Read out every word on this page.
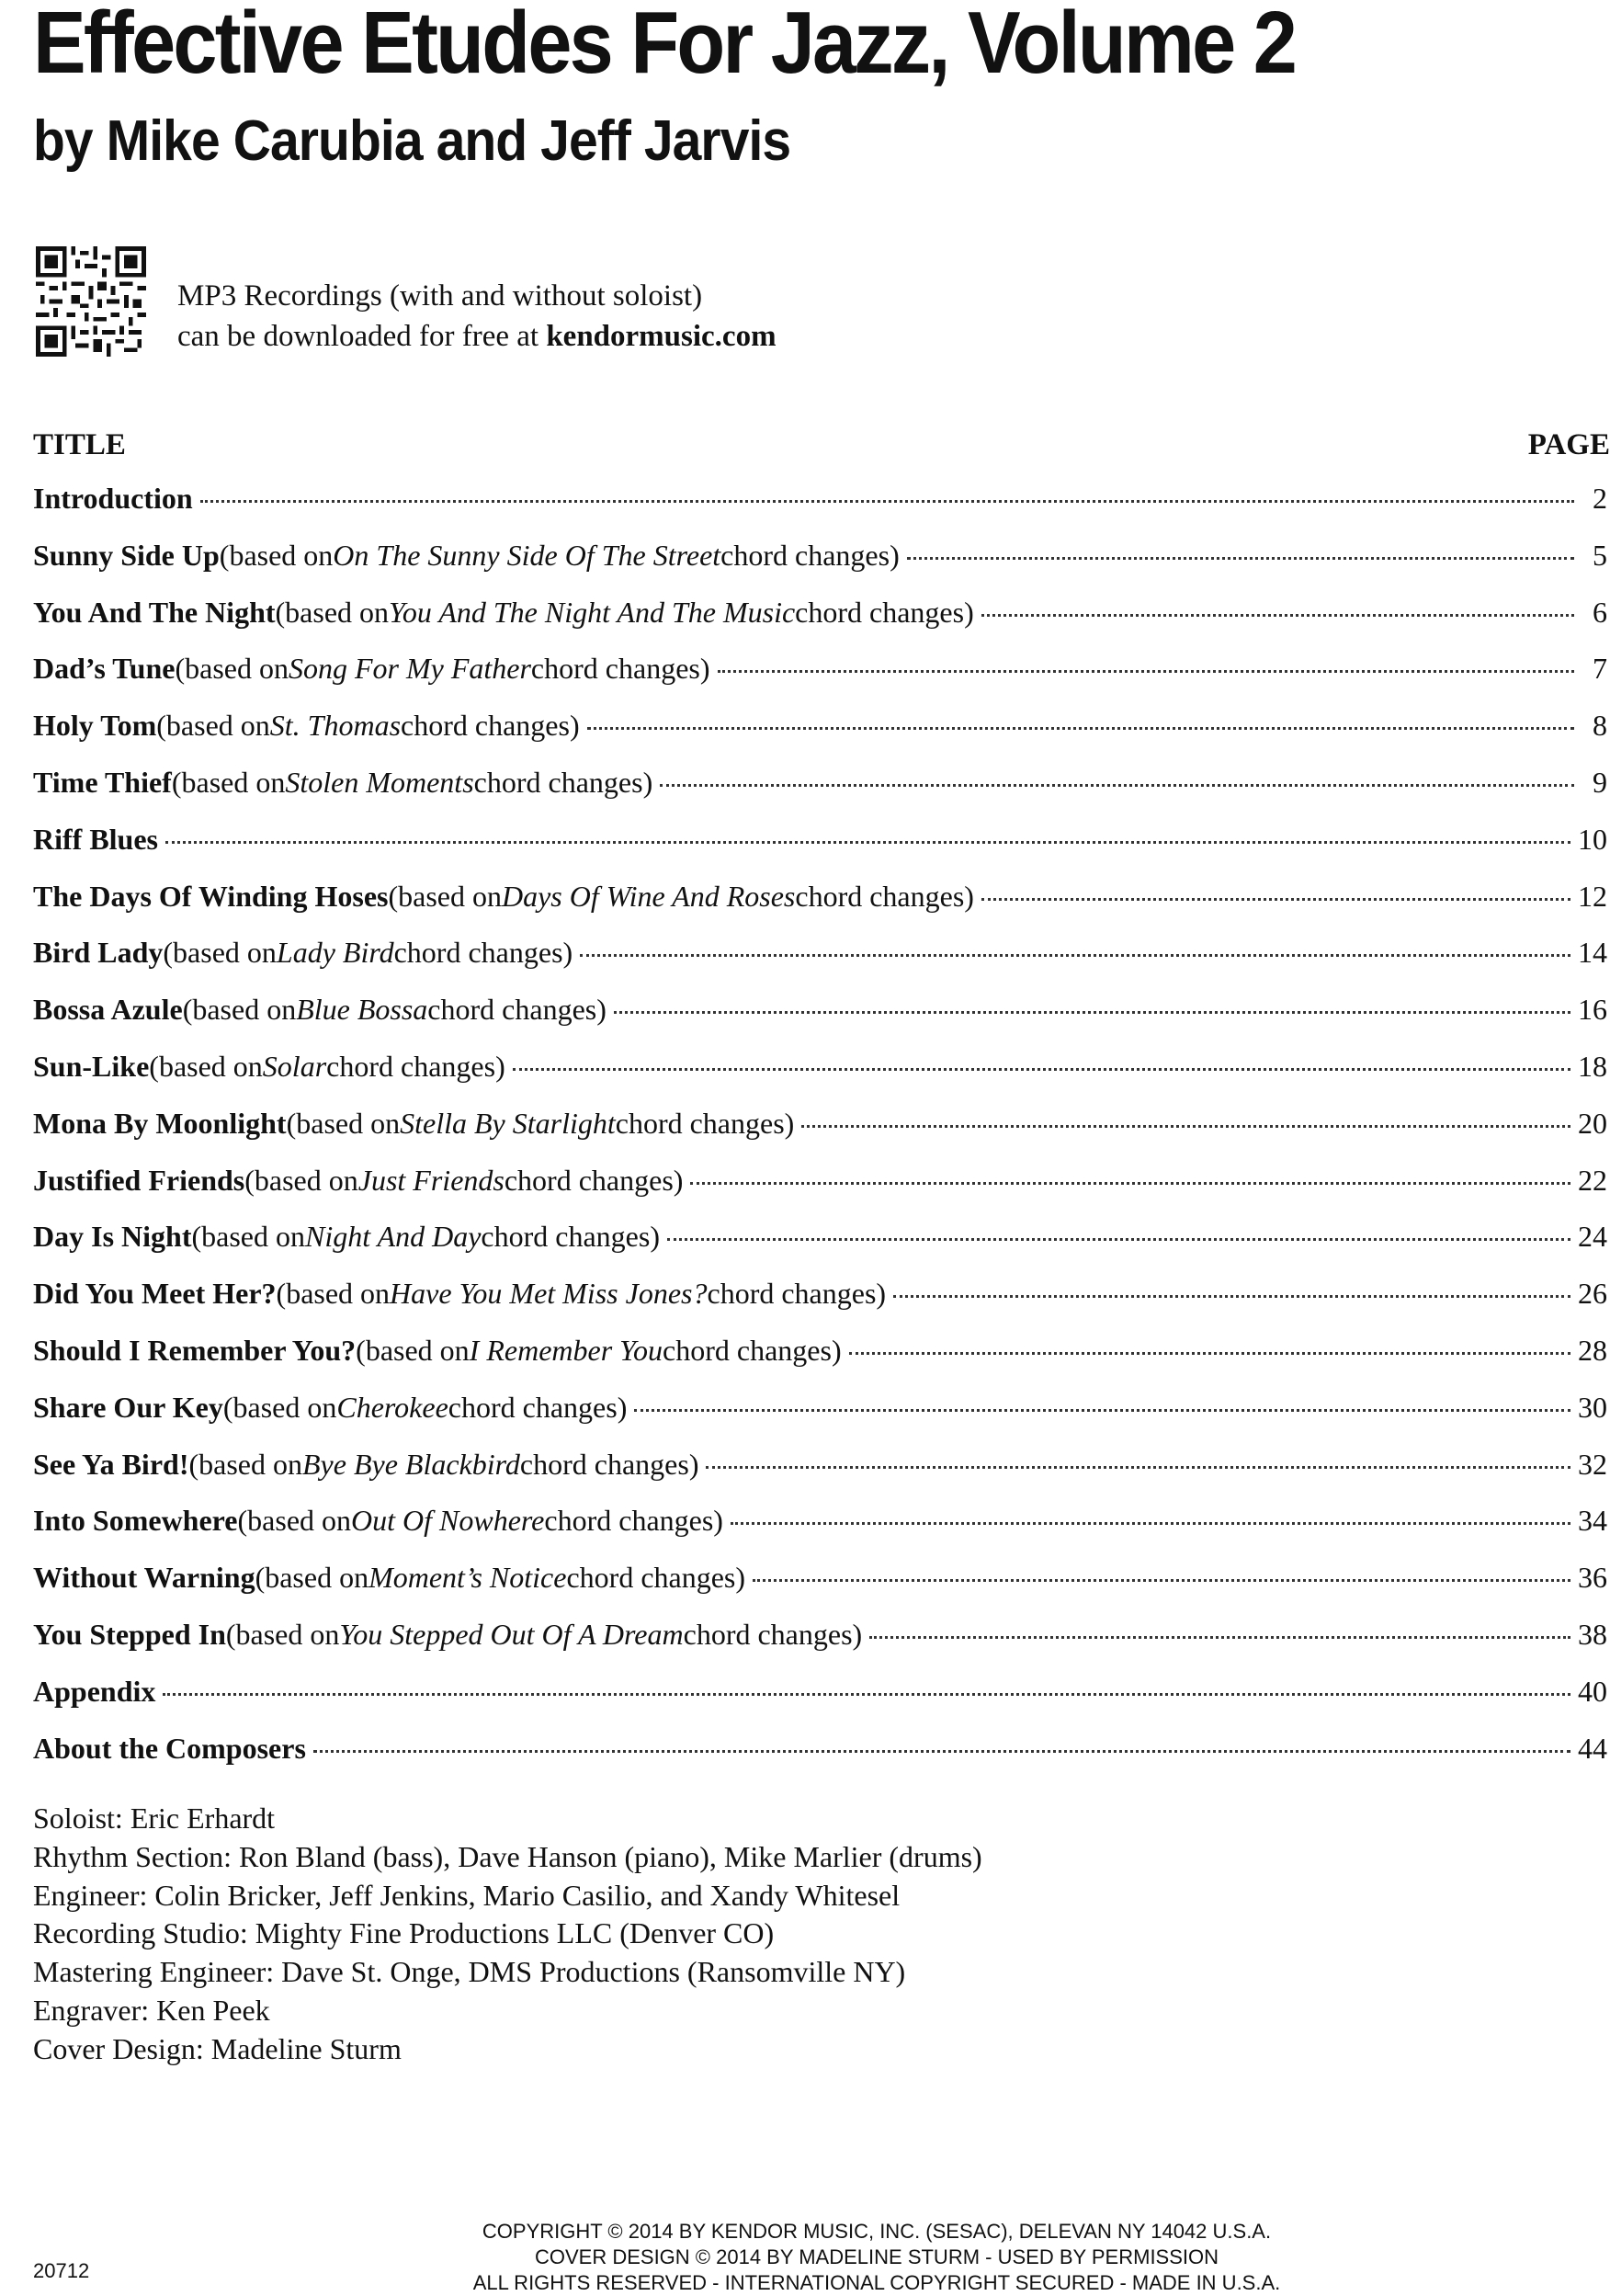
Effective Etudes For Jazz, Volume 2
by Mike Carubia and Jeff Jarvis
MP3 Recordings (with and without soloist)
can be downloaded for free at kendormusic.com
TITLE	PAGE
Introduction	2
Sunny Side Up (based on On The Sunny Side Of The Street chord changes)	5
You And The Night (based on You And The Night And The Music chord changes)	6
Dad’s Tune (based on Song For My Father chord changes)	7
Holy Tom (based on St. Thomas chord changes)	8
Time Thief (based on Stolen Moments chord changes)	9
Riff Blues	10
The Days Of Winding Hoses (based on Days Of Wine And Roses chord changes)	12
Bird Lady (based on Lady Bird chord changes)	14
Bossa Azule (based on Blue Bossa chord changes)	16
Sun-Like (based on Solar chord changes)	18
Mona By Moonlight (based on Stella By Starlight chord changes)	20
Justified Friends (based on Just Friends chord changes)	22
Day Is Night (based on Night And Day chord changes)	24
Did You Meet Her? (based on Have You Met Miss Jones? chord changes)	26
Should I Remember You? (based on I Remember You chord changes)	28
Share Our Key (based on Cherokee chord changes)	30
See Ya Bird! (based on Bye Bye Blackbird chord changes)	32
Into Somewhere (based on Out Of Nowhere chord changes)	34
Without Warning (based on Moment’s Notice chord changes)	36
You Stepped In (based on You Stepped Out Of A Dream chord changes)	38
Appendix	40
About the Composers	44
Soloist: Eric Erhardt
Rhythm Section: Ron Bland (bass), Dave Hanson (piano), Mike Marlier (drums)
Engineer: Colin Bricker, Jeff Jenkins, Mario Casilio, and Xandy Whitesel
Recording Studio: Mighty Fine Productions LLC (Denver CO)
Mastering Engineer: Dave St. Onge, DMS Productions (Ransomville NY)
Engraver: Ken Peek
Cover Design: Madeline Sturm
COPYRIGHT © 2014 BY KENDOR MUSIC, INC. (SESAC), DELEVAN NY 14042 U.S.A.
COVER DESIGN © 2014 BY MADELINE STURM - USED BY PERMISSION
ALL RIGHTS RESERVED - INTERNATIONAL COPYRIGHT SECURED - MADE IN U.S.A.
20712
